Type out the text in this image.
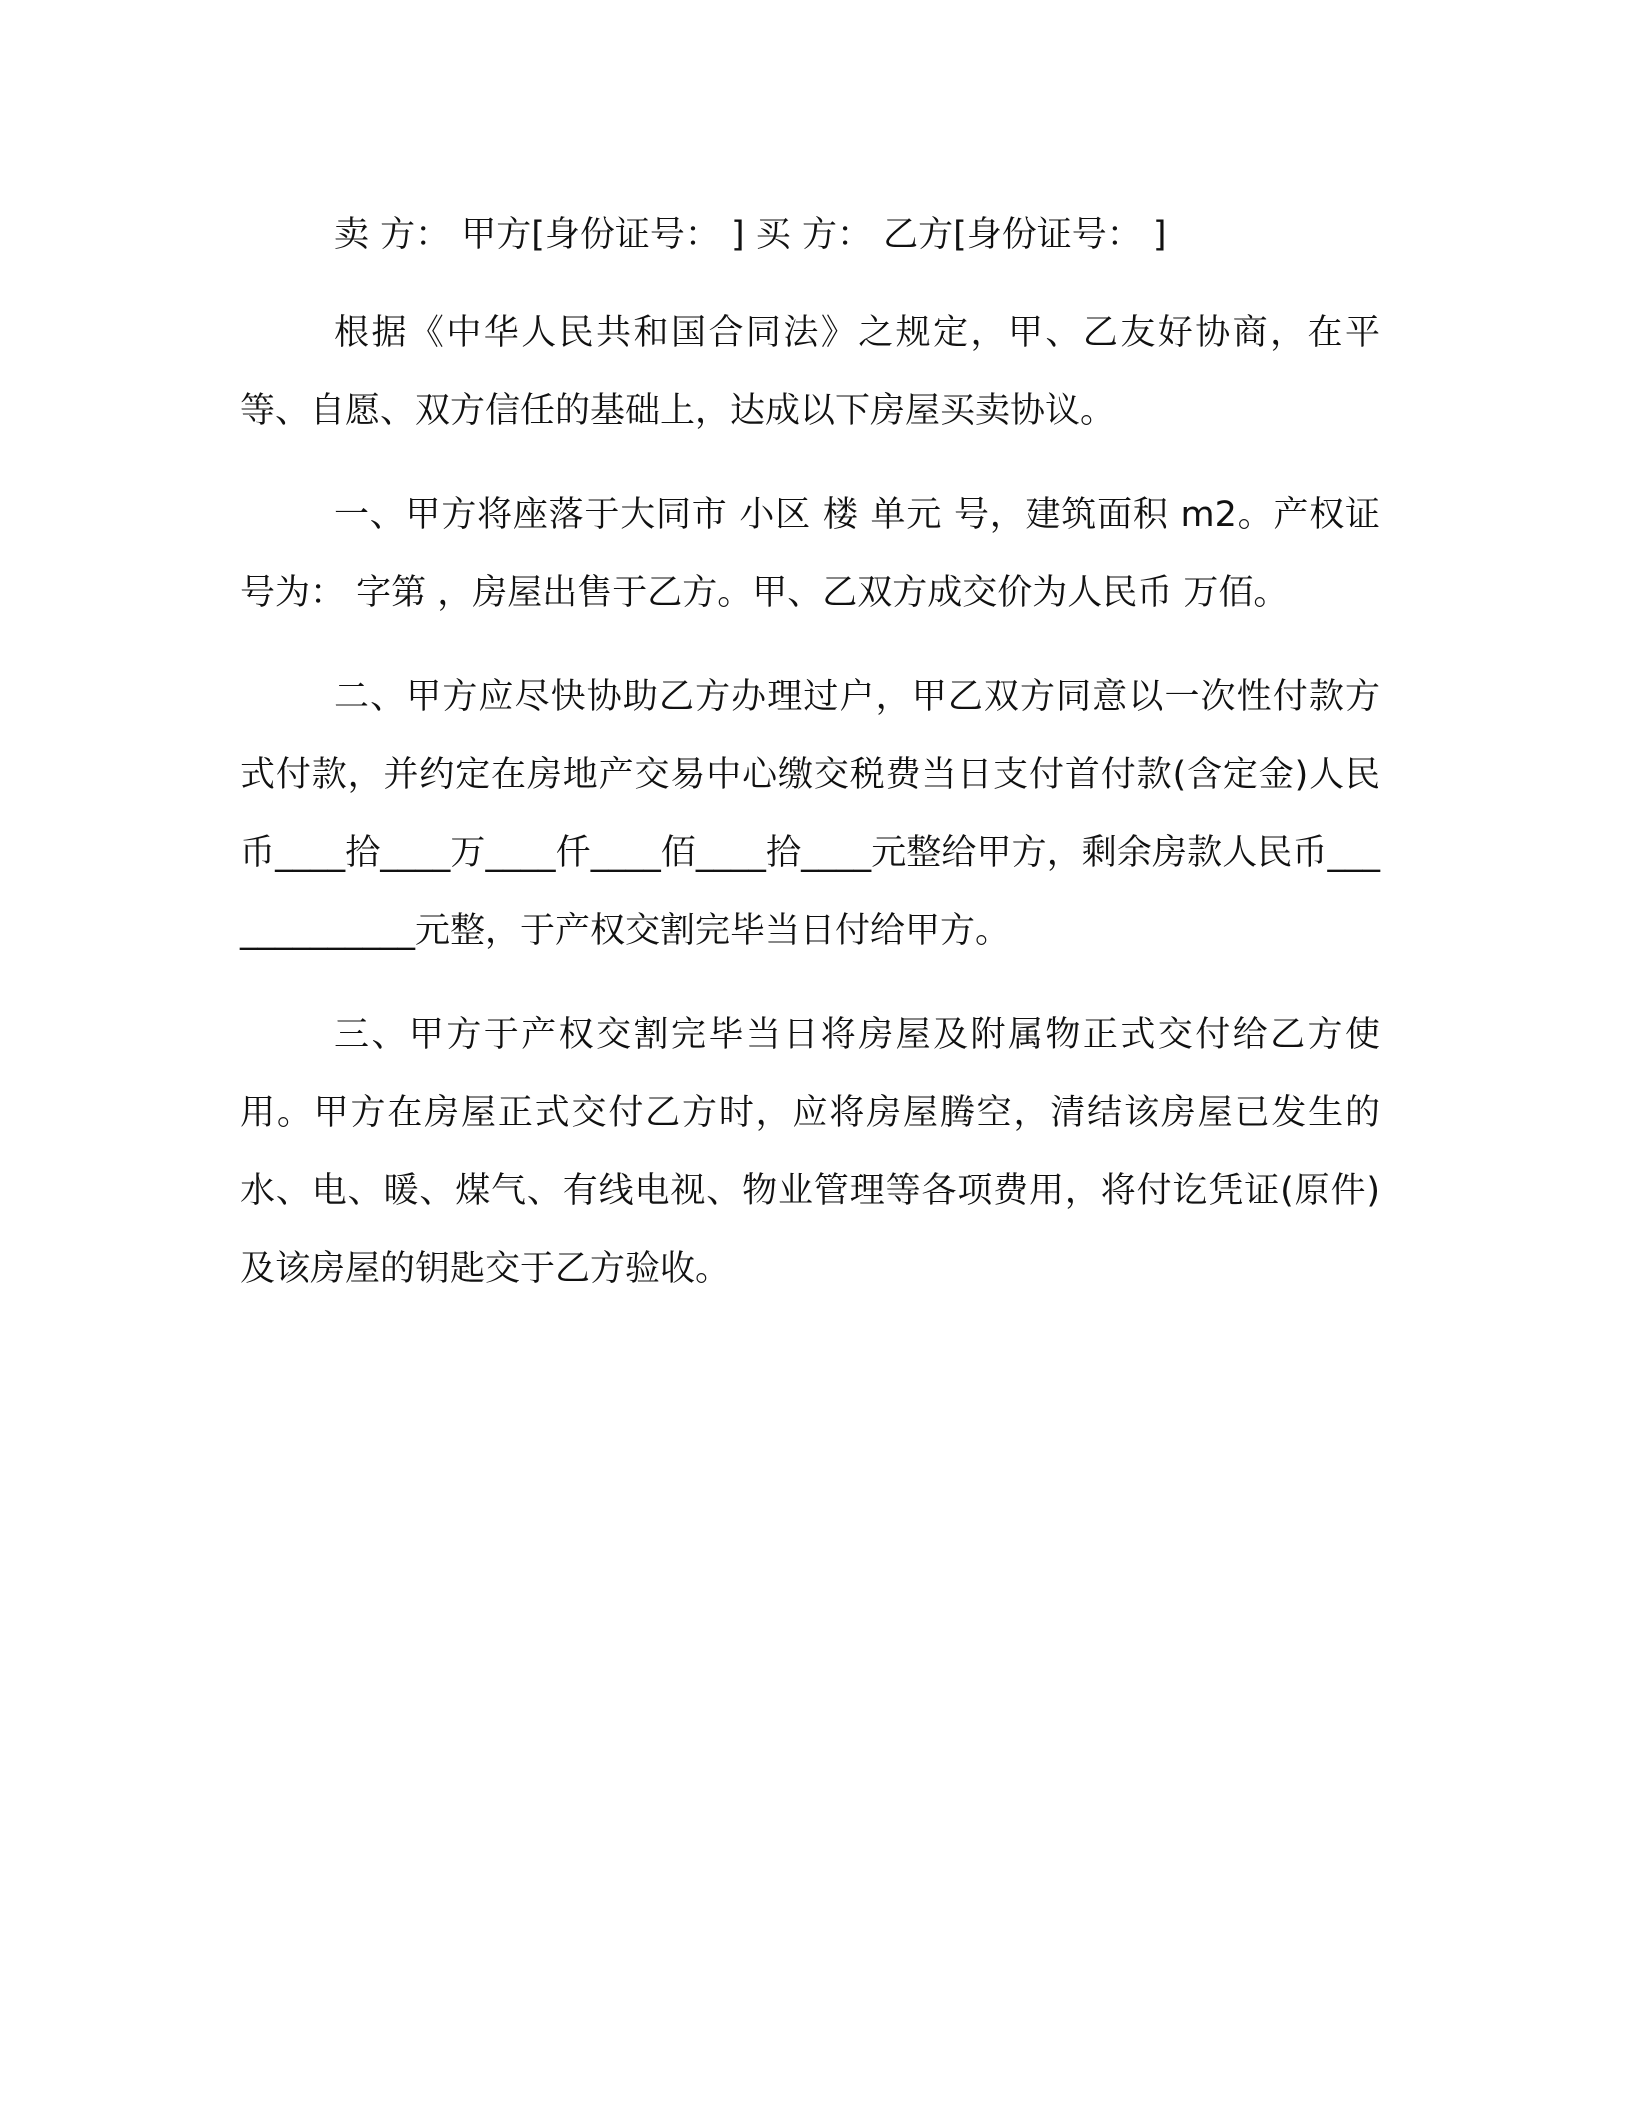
卖 方： 甲方[身份证号： ] 买 方： 乙方[身份证号： ]

根据《中华人民共和国合同法》之规定，甲、乙友好协商，在平等、自愿、双方信任的基础上，达成以下房屋买卖协议。

一、甲方将座落于大同市 小区 楼 单元 号，建筑面积 m2。产权证号为： 字第 ，房屋出售于乙方。甲、乙双方成交价为人民币 万佰。

二、甲方应尽快协助乙方办理过户，甲乙双方同意以一次性付款方式付款，并约定在房地产交易中心缴交税费当日支付首付款(含定金)人民币____拾____万____仟____佰____拾____元整给甲方，剩余房款人民币_____________元整，于产权交割完毕当日付给甲方。

三、甲方于产权交割完毕当日将房屋及附属物正式交付给乙方使用。甲方在房屋正式交付乙方时，应将房屋腾空，清结该房屋已发生的水、电、暖、煤气、有线电视、物业管理等各项费用，将付讫凭证(原件)及该房屋的钥匙交于乙方验收。
